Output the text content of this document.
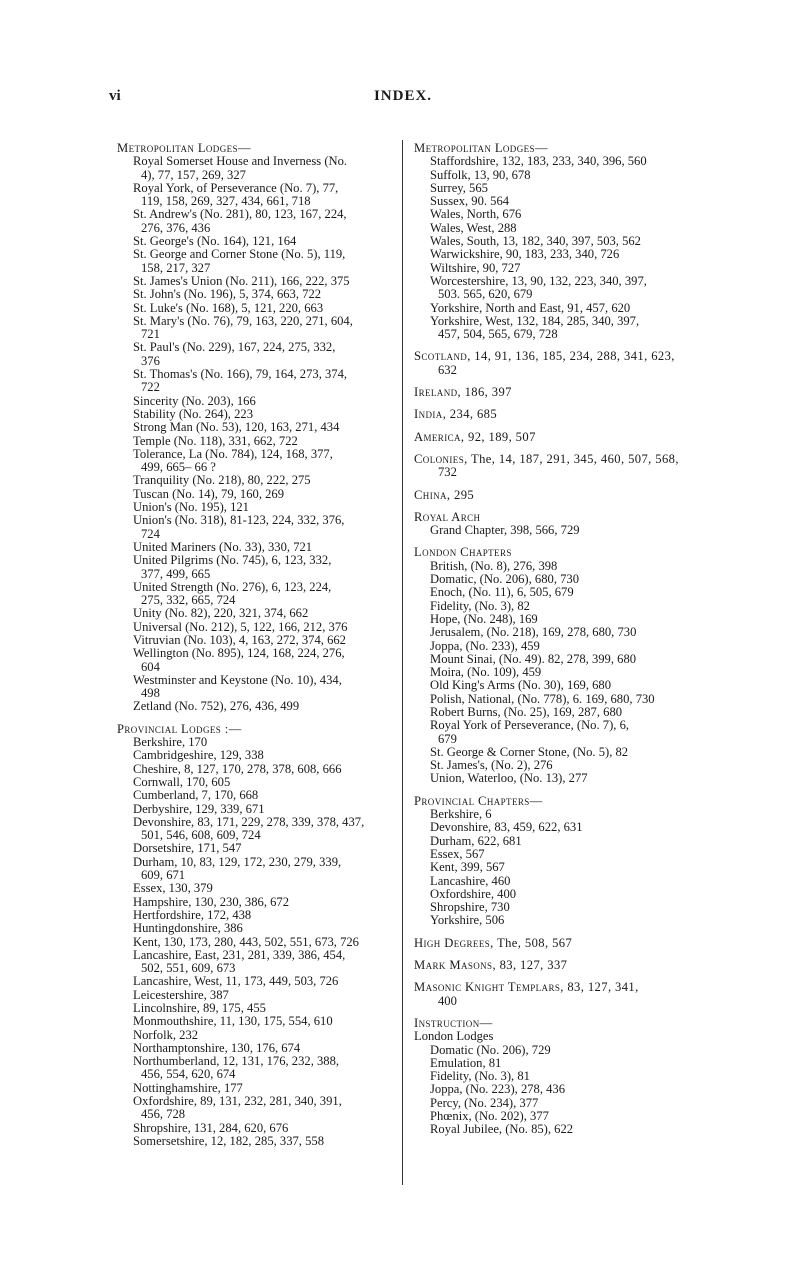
vi	INDEX.
Metropolitan Lodges—
Royal Somerset House and Inverness (No.
4), 77, 157, 269, 327
Royal York, of Perseverance (No. 7), 77,
119, 158, 269, 327, 434, 661, 718
St. Andrew's (No. 281), 80, 123, 167, 224,
276, 376, 436
St. George's (No. 164), 121, 164
St. George and Corner Stone (No. 5), 119,
158, 217, 327
St. James's Union (No. 211), 166, 222, 375
St. John's (No. 196), 5, 374, 663, 722
St. Luke's (No. 168), 5, 121, 220, 663
St. Mary's (No. 76), 79, 163, 220, 271, 604,
721
St. Paul's (No. 229), 167, 224, 275, 332,
376
St. Thomas's (No. 166), 79, 164, 273, 374,
722
Sincerity (No. 203), 166
Stability (No. 264), 223
Strong Man (No. 53), 120, 163, 271, 434
Temple (No. 118), 331, 662, 722
Tolerance, La (No. 784), 124, 168, 377,
499, 665– 66 ?
Tranquility (No. 218), 80, 222, 275
Tuscan (No. 14), 79, 160, 269
Union's (No. 195), 121
Union's (No. 318), 81-123, 224, 332, 376,
724
United Mariners (No. 33), 330, 721
United Pilgrims (No. 745), 6, 123, 332,
377, 499, 665
United Strength (No. 276), 6, 123, 224,
275, 332, 665, 724
Unity (No. 82), 220, 321, 374, 662
Universal (No. 212), 5, 122, 166, 212, 376
Vitruvian (No. 103), 4, 163, 272, 374, 662
Wellington (No. 895), 124, 168, 224, 276,
604
Westminster and Keystone (No. 10), 434,
498
Zetland (No. 752), 276, 436, 499
Provincial Lodges :—
Berkshire, 170
Cambridgeshire, 129, 338
Cheshire, 8, 127, 170, 278, 378, 608, 666
Cornwall, 170, 605
Cumberland, 7, 170, 668
Derbyshire, 129, 339, 671
Devonshire, 83, 171, 229, 278, 339, 378, 437,
501, 546, 608, 609, 724
Dorsetshire, 171, 547
Durham, 10, 83, 129, 172, 230, 279, 339,
609, 671
Essex, 130, 379
Hampshire, 130, 230, 386, 672
Hertfordshire, 172, 438
Huntingdonshire, 386
Kent, 130, 173, 280, 443, 502, 551, 673, 726
Lancashire, East, 231, 281, 339, 386, 454,
502, 551, 609, 673
Lancashire, West, 11, 173, 449, 503, 726
Leicestershire, 387
Lincolnshire, 89, 175, 455
Monmouthshire, 11, 130, 175, 554, 610
Norfolk, 232
Northamptonshire, 130, 176, 674
Northumberland, 12, 131, 176, 232, 388,
456, 554, 620, 674
Nottinghamshire, 177
Oxfordshire, 89, 131, 232, 281, 340, 391,
456, 728
Shropshire, 131, 284, 620, 676
Somersetshire, 12, 182, 285, 337, 558
Metropolitan Lodges—
Staffordshire, 132, 183, 233, 340, 396, 560
Suffolk, 13, 90, 678
Surrey, 565
Sussex, 90. 564
Wales, North, 676
Wales, West, 288
Wales, South, 13, 182, 340, 397, 503, 562
Warwickshire, 90, 183, 233, 340, 726
Wiltshire, 90, 727
Worcestershire, 13, 90, 132, 223, 340, 397,
503. 565, 620, 679
Yorkshire, North and East, 91, 457, 620
Yorkshire, West, 132, 184, 285, 340, 397,
457, 504, 565, 679, 728
Scotland, 14, 91, 136, 185, 234, 288, 341, 623,
632
Ireland, 186, 397
India, 234, 685
America, 92, 189, 507
Colonies, The, 14, 187, 291, 345, 460, 507, 568,
732
China, 295
Royal Arch
Grand Chapter, 398, 566, 729
London Chapters
British, (No. 8), 276, 398
Domatic, (No. 206), 680, 730
Enoch, (No. 11), 6, 505, 679
Fidelity, (No. 3), 82
Hope, (No. 248), 169
Jerusalem, (No. 218), 169, 278, 680, 730
Joppa, (No. 233), 459
Mount Sinai, (No. 49). 82, 278, 399, 680
Moira, (No. 109), 459
Old King's Arms (No. 30), 169, 680
Polish, National, (No. 778), 6. 169, 680, 730
Robert Burns, (No. 25), 169, 287, 680
Royal York of Perseverance, (No. 7), 6,
679
St. George & Corner Stone, (No. 5), 82
St. James's, (No. 2), 276
Union, Waterloo, (No. 13), 277
Provincial Chapters—
Berkshire, 6
Devonshire, 83, 459, 622, 631
Durham, 622, 681
Essex, 567
Kent, 399, 567
Lancashire, 460
Oxfordshire, 400
Shropshire, 730
Yorkshire, 506
High Degrees, The, 508, 567
Mark Masons, 83, 127, 337
Masonic Knight Templars, 83, 127, 341,
400
Instruction—
London Lodges
Domatic (No. 206), 729
Emulation, 81
Fidelity, (No. 3), 81
Joppa, (No. 223), 278, 436
Percy, (No. 234), 377
Phœnix, (No. 202), 377
Royal Jubilee, (No. 85), 622
